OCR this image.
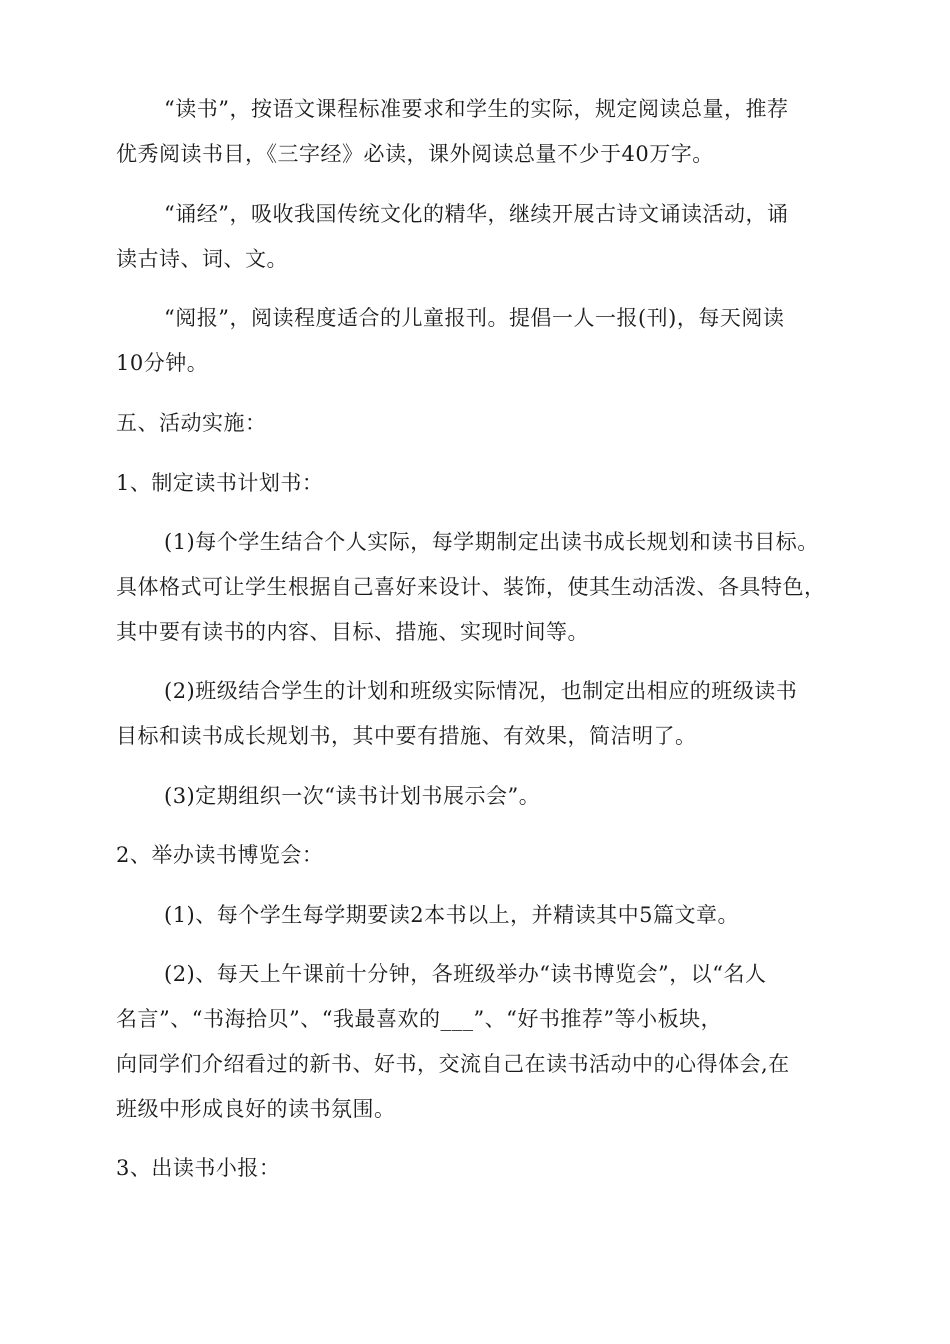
“读书”，按语文课程标准要求和学生的实际，规定阅读总量，推荐
优秀阅读书目，《三字经》必读，课外阅读总量不少于40万字。
“诵经”，吸收我国传统文化的精华，继续开展古诗文诵读活动，诵
读古诗、词、文。
“阅报”，阅读程度适合的儿童报刊。提倡一人一报(刊)，每天阅读
10分钟。
五、活动实施：
1、制定读书计划书：
(1)每个学生结合个人实际，每学期制定出读书成长规划和读书目标。
具体格式可让学生根据自己喜好来设计、装饰，使其生动活泼、各具特色，
其中要有读书的内容、目标、措施、实现时间等。
(2)班级结合学生的计划和班级实际情况，也制定出相应的班级读书
目标和读书成长规划书，其中要有措施、有效果，简洁明了。
(3)定期组织一次“读书计划书展示会”。
2、举办读书博览会：
(1)、每个学生每学期要读2本书以上，并精读其中5篇文章。
(2)、每天上午课前十分钟，各班级举办“读书博览会”，以“名人
名言”、“书海拾贝”、“我最喜欢的___”、“好书推荐”等小板块，
向同学们介绍看过的新书、好书，交流自己在读书活动中的心得体会,在
班级中形成良好的读书氛围。
3、出读书小报：
